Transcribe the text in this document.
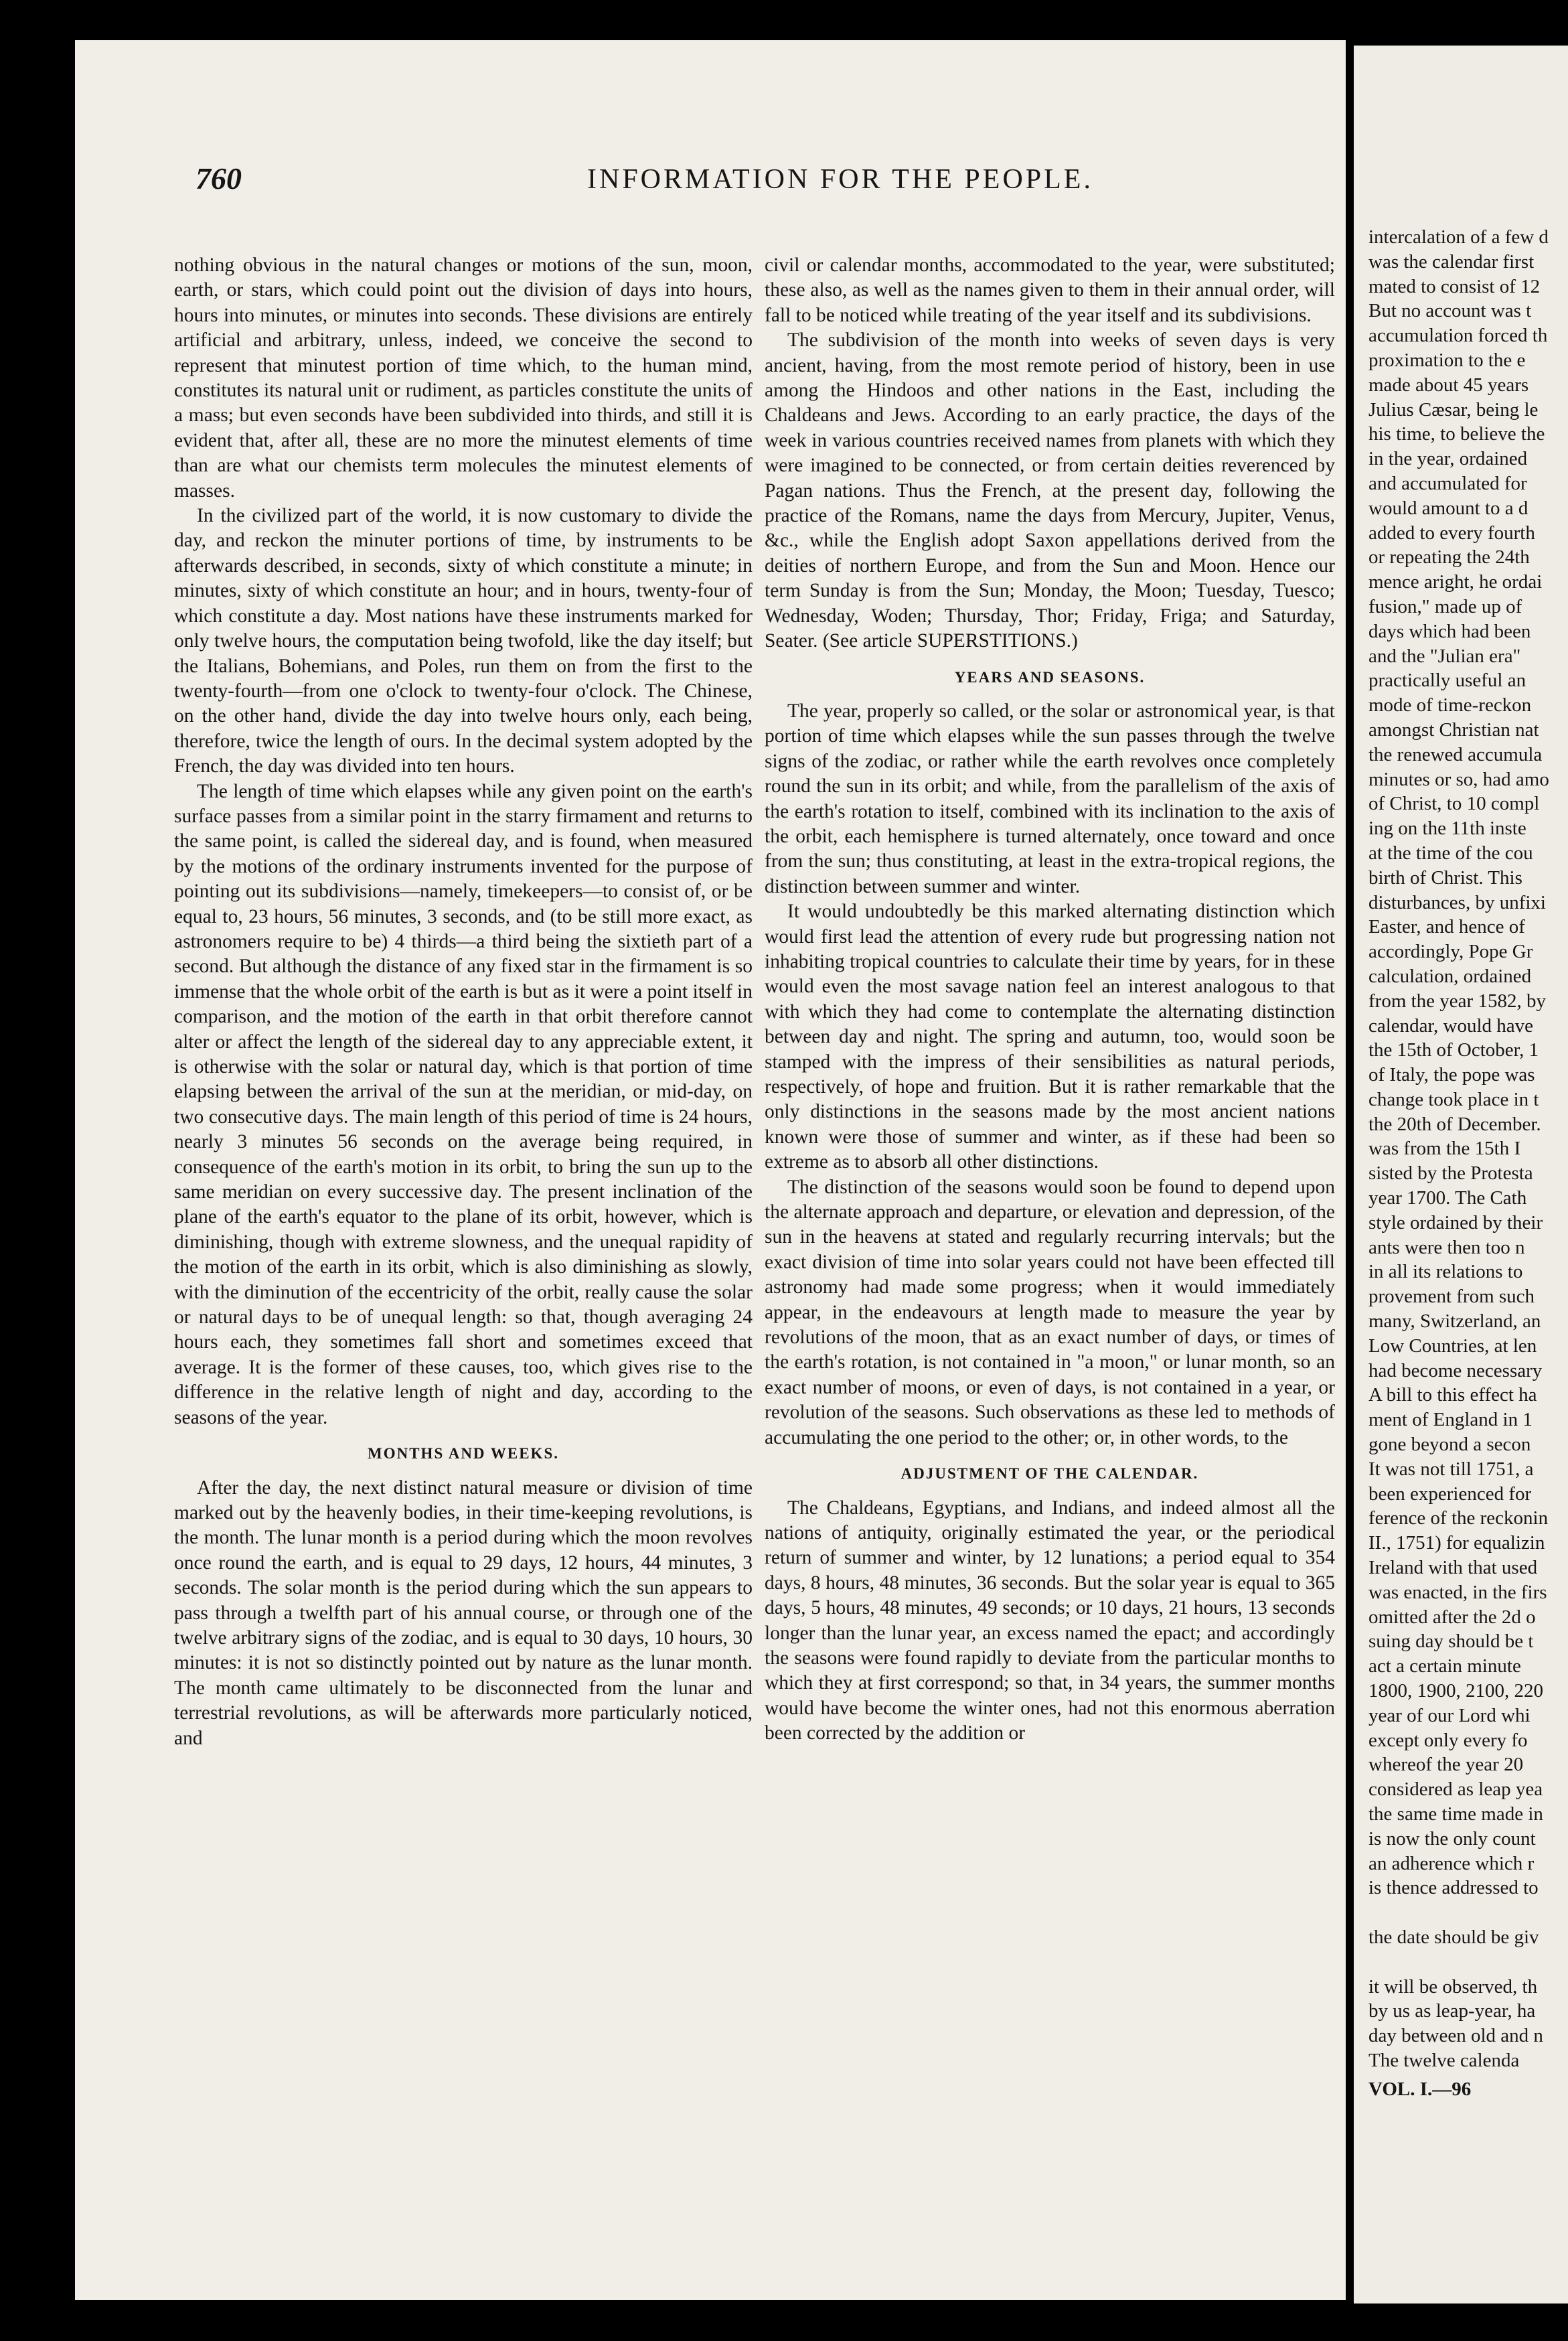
760	INFORMATION FOR THE PEOPLE.

nothing obvious in the natural changes or motions of the sun, moon, earth, or stars, which could point out the division of days into hours, hours into minutes, or minutes into seconds. These divisions are entirely artificial and arbitrary, unless, indeed, we conceive the second to represent that minutest portion of time which, to the human mind, constitutes its natural unit or rudiment, as particles constitute the units of a mass; but even seconds have been subdivided into thirds, and still it is evident that, after all, these are no more the minutest elements of time than are what our chemists term molecules the minutest elements of masses.

In the civilized part of the world, it is now customary to divide the day, and reckon the minuter portions of time, by instruments to be afterwards described, in seconds, sixty of which constitute a minute; in minutes, sixty of which constitute an hour; and in hours, twenty-four of which constitute a day. Most nations have these instruments marked for only twelve hours, the computation being twofold, like the day itself; but the Italians, Bohemians, and Poles, run them on from the first to the twenty-fourth—from one o'clock to twenty-four o'clock. The Chinese, on the other hand, divide the day into twelve hours only, each being, therefore, twice the length of ours. In the decimal system adopted by the French, the day was divided into ten hours.

The length of time which elapses while any given point on the earth's surface passes from a similar point in the starry firmament and returns to the same point, is called the sidereal day, and is found, when measured by the motions of the ordinary instruments invented for the purpose of pointing out its subdivisions—namely, timekeepers—to consist of, or be equal to, 23 hours, 56 minutes, 3 seconds, and (to be still more exact, as astronomers require to be) 4 thirds—a third being the sixtieth part of a second. But although the distance of any fixed star in the firmament is so immense that the whole orbit of the earth is but as it were a point itself in comparison, and the motion of the earth in that orbit therefore cannot alter or affect the length of the sidereal day to any appreciable extent, it is otherwise with the solar or natural day, which is that portion of time elapsing between the arrival of the sun at the meridian, or mid-day, on two consecutive days. The main length of this period of time is 24 hours, nearly 3 minutes 56 seconds on the average being required, in consequence of the earth's motion in its orbit, to bring the sun up to the same meridian on every successive day. The present inclination of the plane of the earth's equator to the plane of its orbit, however, which is diminishing, though with extreme slowness, and the unequal rapidity of the motion of the earth in its orbit, which is also diminishing as slowly, with the diminution of the eccentricity of the orbit, really cause the solar or natural days to be of unequal length: so that, though averaging 24 hours each, they sometimes fall short and sometimes exceed that average. It is the former of these causes, too, which gives rise to the difference in the relative length of night and day, according to the seasons of the year.

MONTHS AND WEEKS.

After the day, the next distinct natural measure or division of time marked out by the heavenly bodies, in their time-keeping revolutions, is the month. The lunar month is a period during which the moon revolves once round the earth, and is equal to 29 days, 12 hours, 44 minutes, 3 seconds. The solar month is the period during which the sun appears to pass through a twelfth part of his annual course, or through one of the twelve arbitrary signs of the zodiac, and is equal to 30 days, 10 hours, 30 minutes: it is not so distinctly pointed out by nature as the lunar month. The month came ultimately to be disconnected from the lunar and terrestrial revolutions, as will be afterwards more particularly noticed, and

civil or calendar months, accommodated to the year, were substituted; these also, as well as the names given to them in their annual order, will fall to be noticed while treating of the year itself and its subdivisions.

The subdivision of the month into weeks of seven days is very ancient, having, from the most remote period of history, been in use among the Hindoos and other nations in the East, including the Chaldeans and Jews. According to an early practice, the days of the week in various countries received names from planets with which they were imagined to be connected, or from certain deities reverenced by Pagan nations. Thus the French, at the present day, following the practice of the Romans, name the days from Mercury, Jupiter, Venus, &c., while the English adopt Saxon appellations derived from the deities of northern Europe, and from the Sun and Moon. Hence our term Sunday is from the Sun; Monday, the Moon; Tuesday, Tuesco; Wednesday, Woden; Thursday, Thor; Friday, Friga; and Saturday, Seater. (See article SUPERSTITIONS.)

YEARS AND SEASONS.

The year, properly so called, or the solar or astronomical year, is that portion of time which elapses while the sun passes through the twelve signs of the zodiac, or rather while the earth revolves once completely round the sun in its orbit; and while, from the parallelism of the axis of the earth's rotation to itself, combined with its inclination to the axis of the orbit, each hemisphere is turned alternately, once toward and once from the sun; thus constituting, at least in the extra-tropical regions, the distinction between summer and winter.

It would undoubtedly be this marked alternating distinction which would first lead the attention of every rude but progressing nation not inhabiting tropical countries to calculate their time by years, for in these would even the most savage nation feel an interest analogous to that with which they had come to contemplate the alternating distinction between day and night. The spring and autumn, too, would soon be stamped with the impress of their sensibilities as natural periods, respectively, of hope and fruition. But it is rather remarkable that the only distinctions in the seasons made by the most ancient nations known were those of summer and winter, as if these had been so extreme as to absorb all other distinctions.

The distinction of the seasons would soon be found to depend upon the alternate approach and departure, or elevation and depression, of the sun in the heavens at stated and regularly recurring intervals; but the exact division of time into solar years could not have been effected till astronomy had made some progress; when it would immediately appear, in the endeavours at length made to measure the year by revolutions of the moon, that as an exact number of days, or times of the earth's rotation, is not contained in "a moon," or lunar month, so an exact number of moons, or even of days, is not contained in a year, or revolution of the seasons. Such observations as these led to methods of accumulating the one period to the other; or, in other words, to the

ADJUSTMENT OF THE CALENDAR.

The Chaldeans, Egyptians, and Indians, and indeed almost all the nations of antiquity, originally estimated the year, or the periodical return of summer and winter, by 12 lunations; a period equal to 354 days, 8 hours, 48 minutes, 36 seconds. But the solar year is equal to 365 days, 5 hours, 48 minutes, 49 seconds; or 10 days, 21 hours, 13 seconds longer than the lunar year, an excess named the epact; and accordingly the seasons were found rapidly to deviate from the particular months to which they at first correspond; so that, in 34 years, the summer months would have become the winter ones, had not this enormous aberration been corrected by the addition or

intercalation of a few d
was the calendar first
mated to consist of 12
But no account was t
accumulation forced th
proximation to the e
made about 45 years
Julius Cæsar, being le
his time, to believe the
in the year, ordained
and accumulated for
would amount to a d
added to every fourth
or repeating the 24th
mence aright, he ordai
fusion," made up of
days which had been
and the "Julian era"
practically useful an
mode of time-reckon
amongst Christian nat
the renewed accumula
minutes or so, had amo
of Christ, to 10 compl
ing on the 11th inste
at the time of the cou
birth of Christ. This
disturbances, by unfixi
Easter, and hence of
accordingly, Pope Gr
calculation, ordained
from the year 1582, by
calendar, would have
the 15th of October, 1
of Italy, the pope was
change took place in t
the 20th of December.
was from the 15th I
sisted by the Protesta
year 1700. The Cath
style ordained by their
ants were then too n
in all its relations to
provement from such
many, Switzerland, an
Low Countries, at len
had become necessary
A bill to this effect ha
ment of England in 1
gone beyond a secon
It was not till 1751, a
been experienced for
ference of the reckonin
II., 1751) for equalizin
Ireland with that used
was enacted, in the firs
omitted after the 2d o
suing day should be t
act a certain minute
1800, 1900, 2100, 220
year of our Lord whi
except only every fo
whereof the year 20
considered as leap yea
the same time made in
is now the only count
an adherence which r
is thence addressed to
the date should be giv
it will be observed, th
by us as leap-year, ha
day between old and n
The twelve calenda
VOL. I.—96
